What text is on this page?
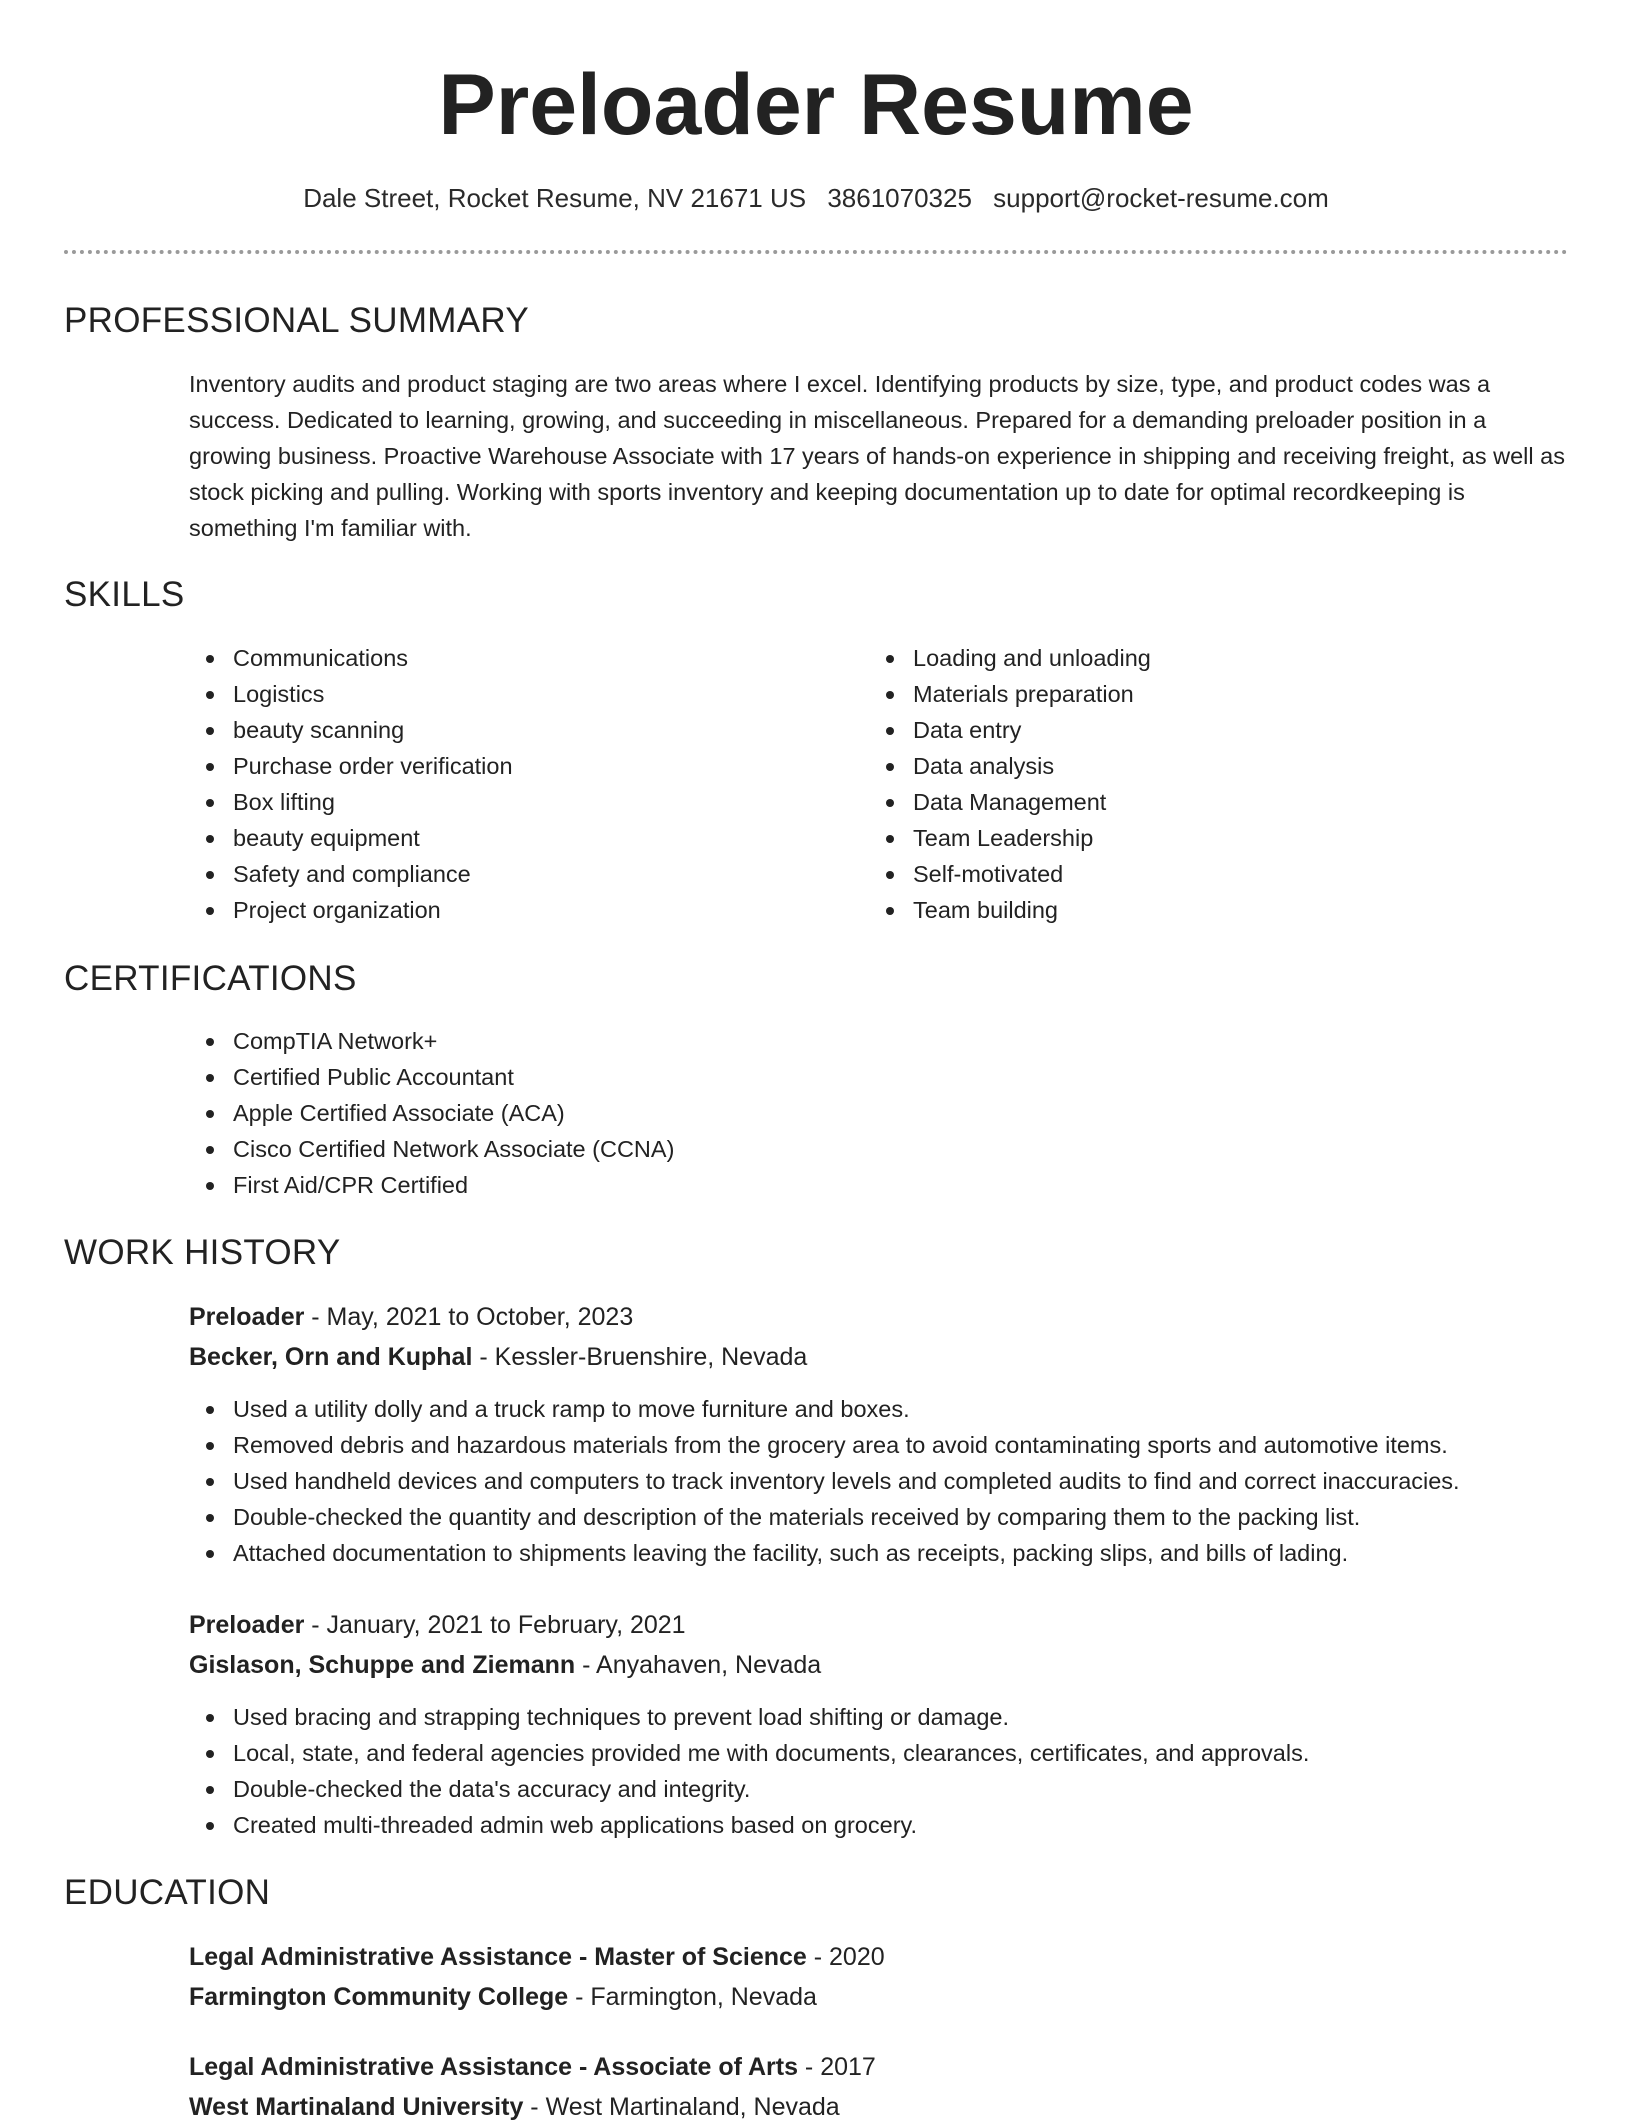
Preloader Resume
Dale Street, Rocket Resume, NV 21671 US 3861070325 support@rocket-resume.com
PROFESSIONAL SUMMARY

Inventory audits and product staging are two areas where I excel. Identifying products by size, type, and product codes was a success. Dedicated to learning, growing, and succeeding in miscellaneous. Prepared for a demanding preloader position in a growing business. Proactive Warehouse Associate with 17 years of hands-on experience in shipping and receiving freight, as well as stock picking and pulling. Working with sports inventory and keeping documentation up to date for optimal recordkeeping is something I'm familiar with.

SKILLS
Communications
Logistics
beauty scanning
Purchase order verification
Box lifting
beauty equipment
Safety and compliance
Project organization
Loading and unloading
Materials preparation
Data entry
Data analysis
Data Management
Team Leadership
Self-motivated
Team building
CERTIFICATIONS
CompTIA Network+
Certified Public Accountant
Apple Certified Associate (ACA)
Cisco Certified Network Associate (CCNA)
First Aid/CPR Certified
WORK HISTORY
Preloader - May, 2021 to October, 2023
Becker, Orn and Kuphal - Kessler-Bruenshire, Nevada
Used a utility dolly and a truck ramp to move furniture and boxes.
Removed debris and hazardous materials from the grocery area to avoid contaminating sports and automotive items.
Used handheld devices and computers to track inventory levels and completed audits to find and correct inaccuracies.
Double-checked the quantity and description of the materials received by comparing them to the packing list.
Attached documentation to shipments leaving the facility, such as receipts, packing slips, and bills of lading.
Preloader - January, 2021 to February, 2021
Gislason, Schuppe and Ziemann - Anyahaven, Nevada
Used bracing and strapping techniques to prevent load shifting or damage.
Local, state, and federal agencies provided me with documents, clearances, certificates, and approvals.
Double-checked the data's accuracy and integrity.
Created multi-threaded admin web applications based on grocery.
EDUCATION
Legal Administrative Assistance - Master of Science - 2020
Farmington Community College - Farmington, Nevada
Legal Administrative Assistance - Associate of Arts - 2017
West Martinaland University - West Martinaland, Nevada
